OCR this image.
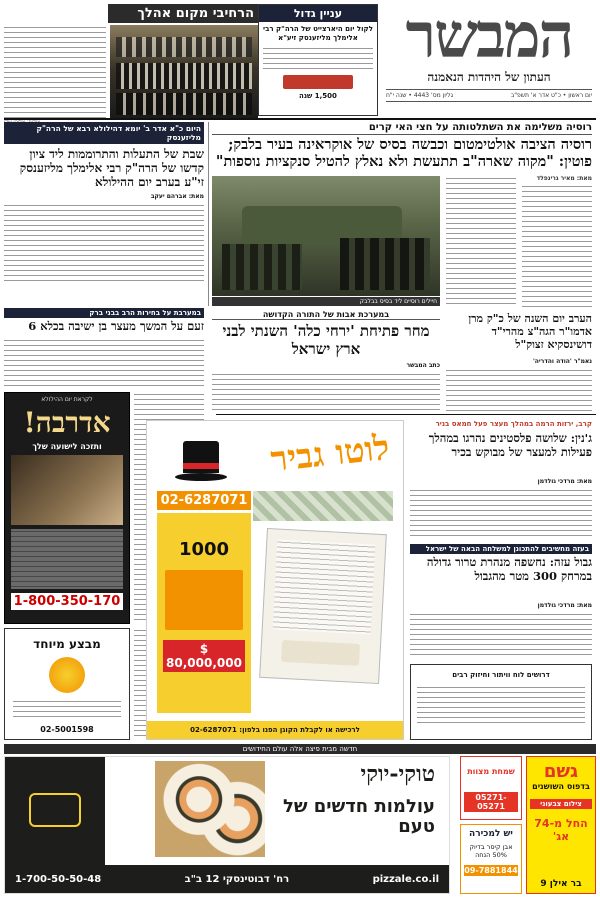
המבשר
העתון של היהדות הנאמנה
יום ראשון • כ"ט אדר א' תשפ"ב
גליון מס' 4443 • שנה י"ח
עניין גדול
לקול יום היארצייט של הרה"ק רבי אלימלך מליזענסק זיע"א
1,500 שנה
הרחיבי מקום אהלך
רוסיה משלימה את השתלטותה על חצי האי קרים
רוסיה הציבה אולטימטום וכבשה בסיס של אוקראינה בעיר בלבק; פוטין: "מקוה שארה"ב תתעשת ולא נאלץ להטיל סנקציות נוספות"
מאת: מאיר גרינפלד
חיילים רוסיים ליד בסיס בבלבק
היום כ"א אדר ב' יומא דהילולא רבא של הרה"ק מליזענסק
שבת של התעלות והתרוממות ליד ציון קדשו של הרה"ק רבי אלימלך מליזענסק זי"ע בערב יום ההילולא
מאת: אברהם יעקב
במערבת על בחירות הרב בבני ברק
זעם על המשך מעצר בן ישיבה בכלא 6
במערכת אבות של התורה הקדושה
מחר פתיחת 'ירחי כלה' השנתי לבני ארץ ישראל
כתב המבשר
הערב יום השנה של כ"ק מרן אדמו"ר הגה"צ מהרי"ד דושינסקיא זצוק"ל
נאמ"ר 'הודה והדריה'
לקראת יום ההילולא
אדרבה!
ותזכה לישועה שלך
1-800-350-170
מבצע מיוחד
02-5001598
לוטו גביר
02-6287071
1000
$ 80,000,000
לרכישה או לקבלת הקוגן הפנו בלפון: 02-6287071
קרב, ירזות הרמה במהלך מעצר פעל חמאס בניר
ג'נין: שלושה פלסטינים נהרגו במהלך פעילות למעצר של מבוקש בכיר
מאת: מרדכי גולדמן
בעזה מחשיבים להתכונן למשלחה הבאה של ישראל
גבול עזה: נחשפה מנהרת טרור גדולה במרחק 300 מטר מהגבול
מאת: מרדכי גולדמן
דרושים לוח וויתור וחיזוק רבים
חדשה מבית פיצה אלה עולם החידושים
טוקי-יוקי
עולמות חדשים של טעם
pizzale.co.il
רח' דבוטינסקי 12 ב"ב
1-700-50-50-48
גשם
בדפוס השושנים
צילום צבעוני
החל מ-74 אג'
בר אילן 9
שמחת מצוות
05271-05271
יש למכירה
אבן קיסר בדיוק 50% הנחה
09-7881844
